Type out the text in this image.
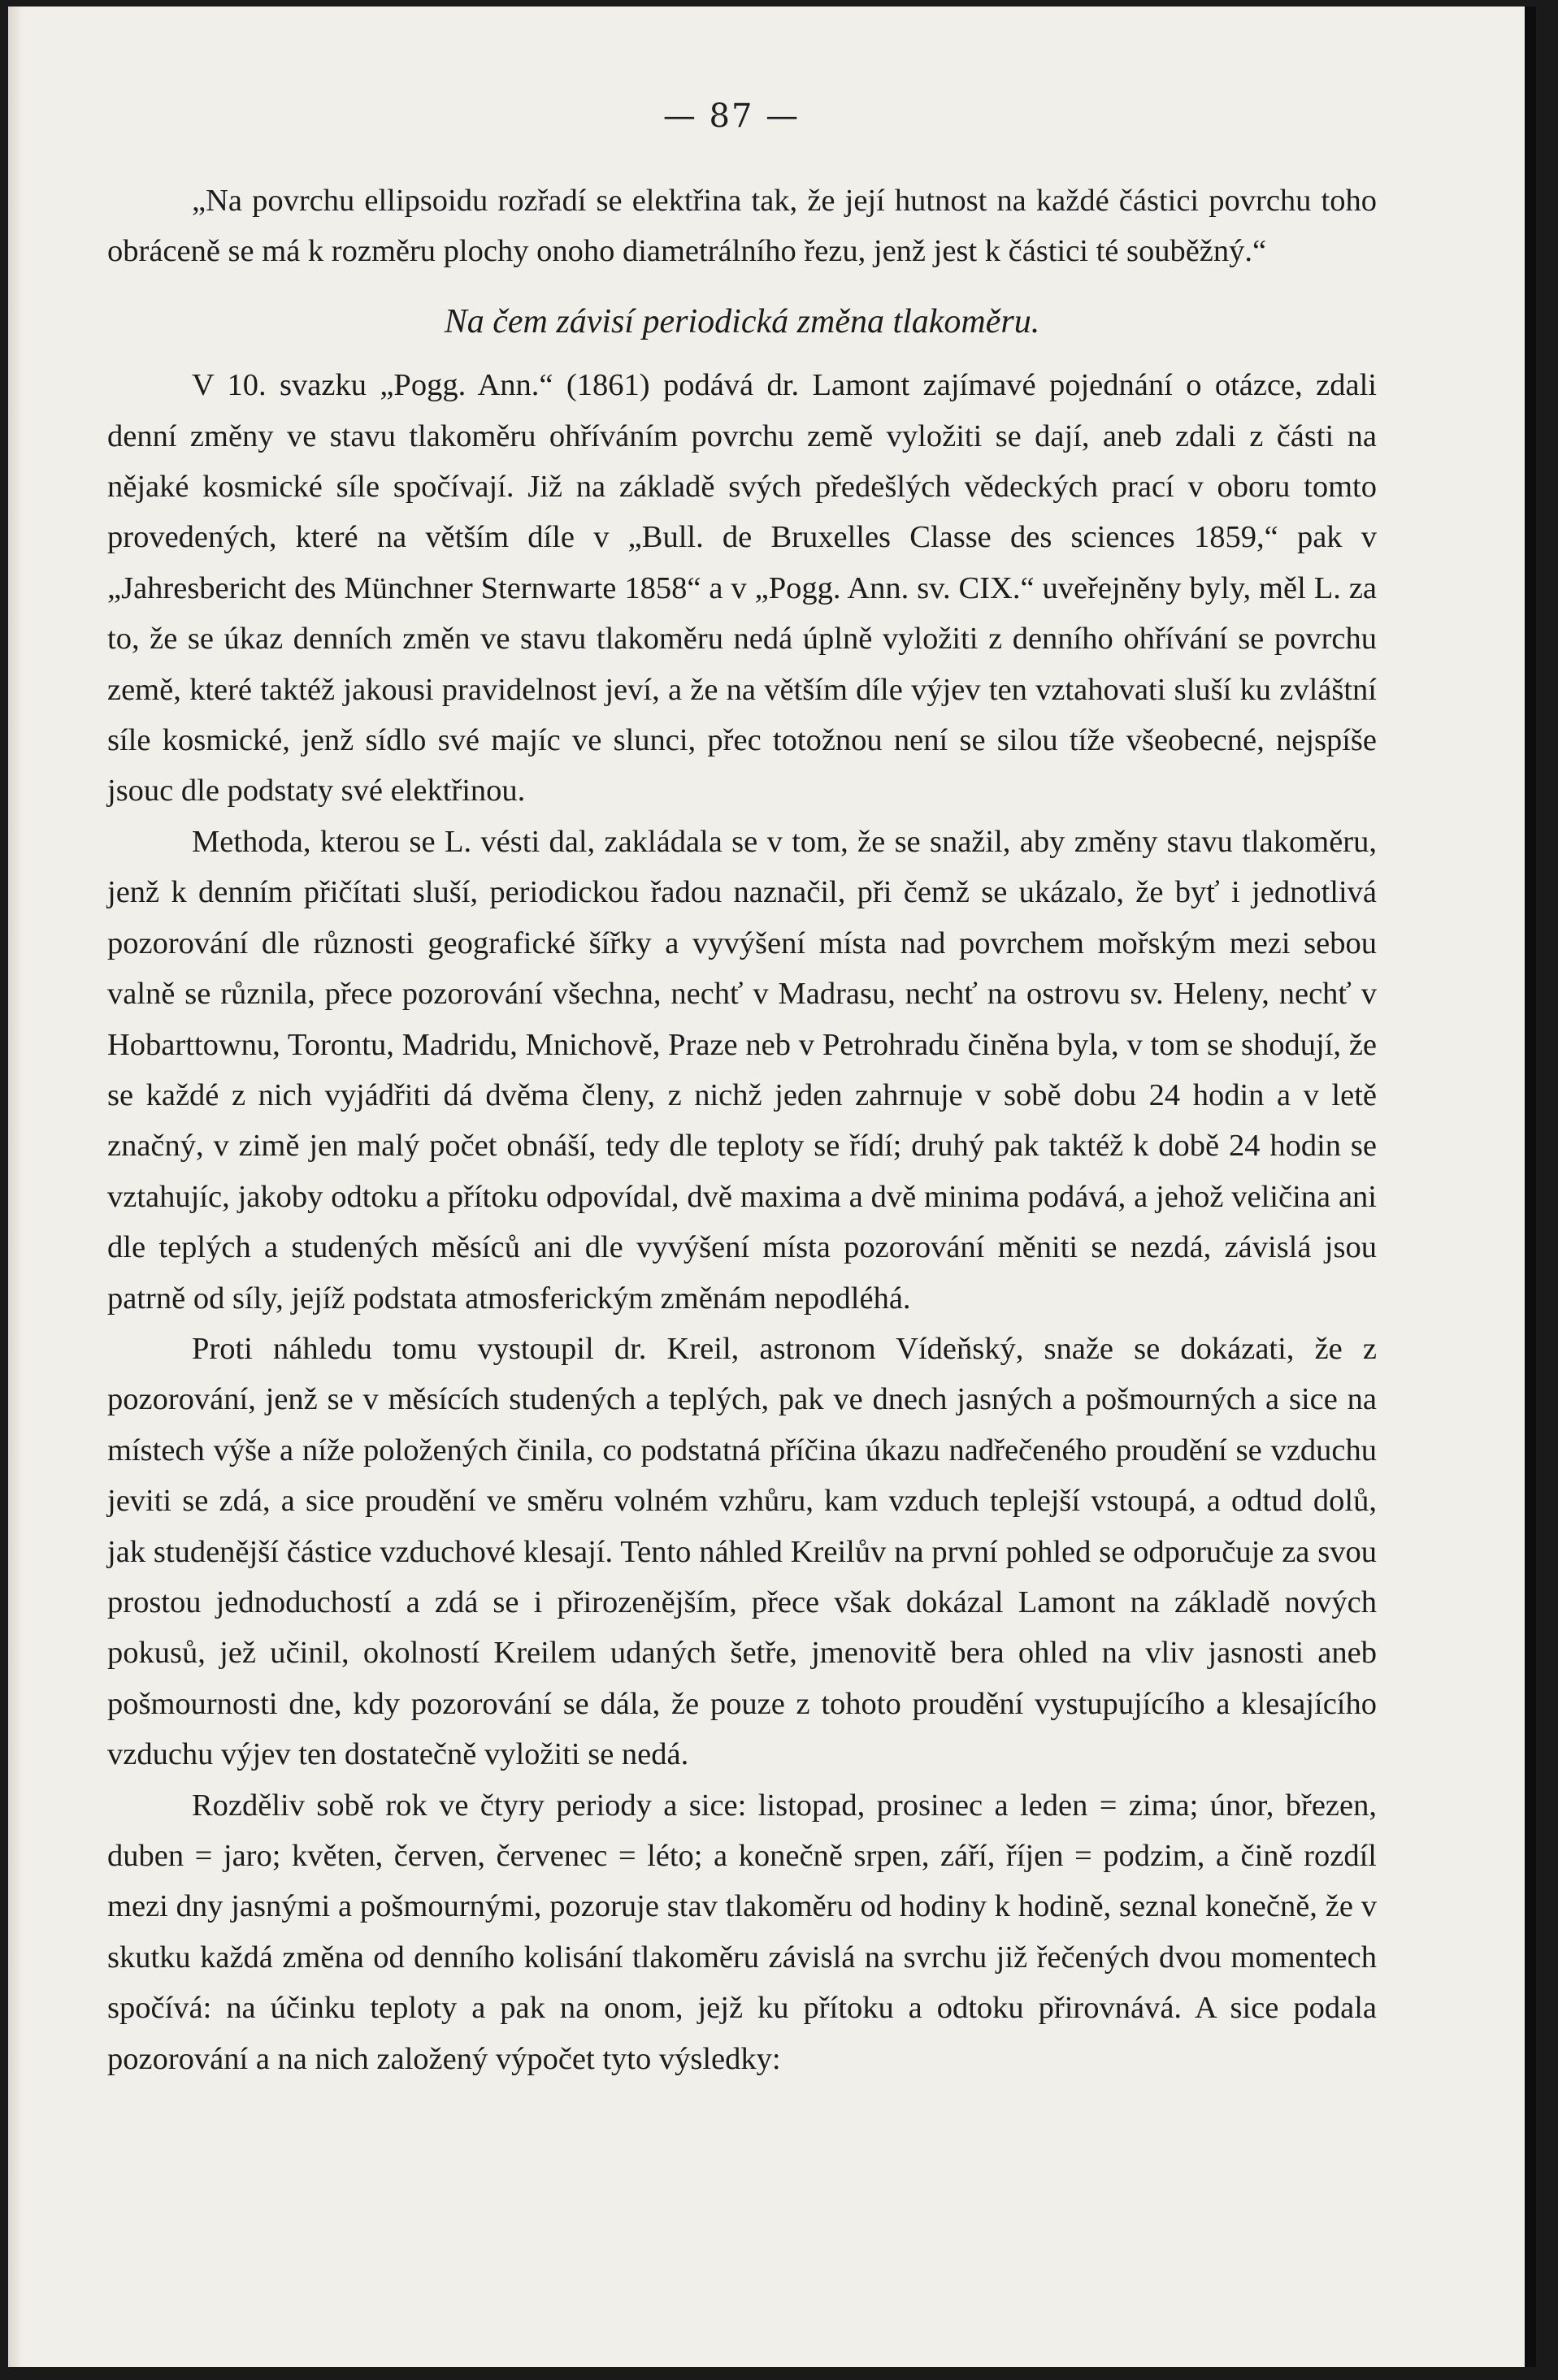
— 87 —

„Na povrchu ellipsoidu rozřadí se elektřina tak, že její hutnost na každé částici povrchu toho obráceně se má k rozměru plochy onoho diametrálního řezu, jenž jest k částici té souběžný.“

Na čem závisí periodická změna tlakoměru.

V 10. svazku „Pogg. Ann.“ (1861) podává dr. Lamont zajímavé pojednání o otázce, zdali denní změny ve stavu tlakoměru ohříváním povrchu země vyložiti se dají, aneb zdali z části na nějaké kosmické síle spočívají. Již na základě svých předešlých vědeckých prací v oboru tomto provedených, které na větším díle v „Bull. de Bruxelles Classe des sciences 1859,“ pak v „Jahresbericht des Münchner Sternwarte 1858“ a v „Pogg. Ann. sv. CIX.“ uveřejněny byly, měl L. za to, že se úkaz denních změn ve stavu tlakoměru nedá úplně vyložiti z denního ohřívání se povrchu země, které taktéž jakousi pravidelnost jeví, a že na větším díle výjev ten vztahovati sluší ku zvláštní síle kosmické, jenž sídlo své majíc ve slunci, přec totožnou není se silou tíže všeobecné, nejspíše jsouc dle podstaty své elektřinou.

Methoda, kterou se L. vésti dal, zakládala se v tom, že se snažil, aby změny stavu tlakoměru, jenž k denním přičítati sluší, periodickou řadou naznačil, při čemž se ukázalo, že byť i jednotlivá pozorování dle různosti geografické šířky a vyvýšení místa nad povrchem mořským mezi sebou valně se různila, přece pozorování všechna, nechť v Madrasu, nechť na ostrovu sv. Heleny, nechť v Hobarttownu, Torontu, Madridu, Mnichově, Praze neb v Petrohradu činěna byla, v tom se shodují, že se každé z nich vyjádřiti dá dvěma členy, z nichž jeden zahrnuje v sobě dobu 24 hodin a v letě značný, v zimě jen malý počet obnáší, tedy dle teploty se řídí; druhý pak taktéž k době 24 hodin se vztahujíc, jakoby odtoku a přítoku odpovídal, dvě maxima a dvě minima podává, a jehož veličina ani dle teplých a studených měsíců ani dle vyvýšení místa pozorování měniti se nezdá, závislá jsou patrně od síly, jejíž podstata atmosferickým změnám nepodléhá.

Proti náhledu tomu vystoupil dr. Kreil, astronom Vídeňský, snaže se dokázati, že z pozorování, jenž se v měsících studených a teplých, pak ve dnech jasných a pošmourných a sice na místech výše a níže položených činila, co podstatná příčina úkazu nadřečeného proudění se vzduchu jeviti se zdá, a sice proudění ve směru volném vzhůru, kam vzduch teplejší vstoupá, a odtud dolů, jak studenější částice vzduchové klesají. Tento náhled Kreilův na první pohled se odporučuje za svou prostou jednoduchostí a zdá se i přirozenějším, přece však dokázal Lamont na základě nových pokusů, jež učinil, okolností Kreilem udaných šetře, jmenovitě bera ohled na vliv jasnosti aneb pošmournosti dne, kdy pozorování se dála, že pouze z tohoto proudění vystupujícího a klesajícího vzduchu výjev ten dostatečně vyložiti se nedá.

Rozděliv sobě rok ve čtyry periody a sice: listopad, prosinec a leden = zima; únor, březen, duben = jaro; květen, červen, červenec = léto; a konečně srpen, září, říjen = podzim, a čině rozdíl mezi dny jasnými a pošmournými, pozoruje stav tlakoměru od hodiny k hodině, seznal konečně, že v skutku každá změna od denního kolisání tlakoměru závislá na svrchu již řečených dvou momentech spočívá: na účinku teploty a pak na onom, jejž ku přítoku a odtoku přirovnává. A sice podala pozorování a na nich založený výpočet tyto výsledky:
